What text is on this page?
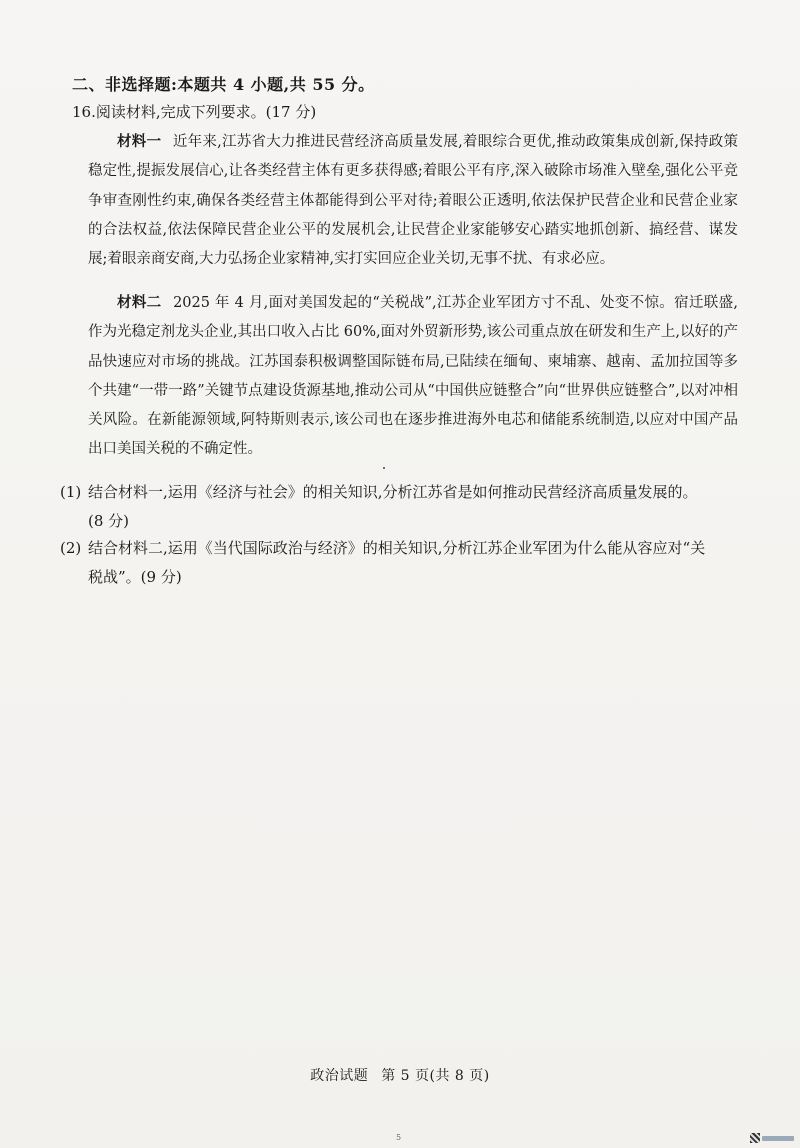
二、非选择题:本题共 4 小题,共 55 分。
16.阅读材料,完成下列要求。(17 分)
材料一 近年来,江苏省大力推进民营经济高质量发展,着眼综合更优,推动政策集成创新,保持政策稳定性,提振发展信心,让各类经营主体有更多获得感;着眼公平有序,深入破除市场准入壁垒,强化公平竞争审查刚性约束,确保各类经营主体都能得到公平对待;着眼公正透明,依法保护民营企业和民营企业家的合法权益,依法保障民营企业公平的发展机会,让民营企业家能够安心踏实地抓创新、搞经营、谋发展;着眼亲商安商,大力弘扬企业家精神,实打实回应企业关切,无事不扰、有求必应。
材料二 2025 年 4 月,面对美国发起的“关税战”,江苏企业军团方寸不乱、处变不惊。宿迁联盛,作为光稳定剂龙头企业,其出口收入占比 60%,面对外贸新形势,该公司重点放在研发和生产上,以好的产品快速应对市场的挑战。江苏国泰积极调整国际链布局,已陆续在缅甸、柬埔寨、越南、孟加拉国等多个共建“一带一路”关键节点建设货源基地,推动公司从“中国供应链整合”向“世界供应链整合”,以对冲相关风险。在新能源领域,阿特斯则表示,该公司也在逐步推进海外电芯和储能系统制造,以应对中国产品出口美国关税的不确定性。
(1) 结合材料一,运用《经济与社会》的相关知识,分析江苏省是如何推动民营经济高质量发展的。(8 分)
(2) 结合材料二,运用《当代国际政治与经济》的相关知识,分析江苏企业军团为什么能从容应对“关税战”。(9 分)
政治试题 第 5 页(共 8 页)
5
